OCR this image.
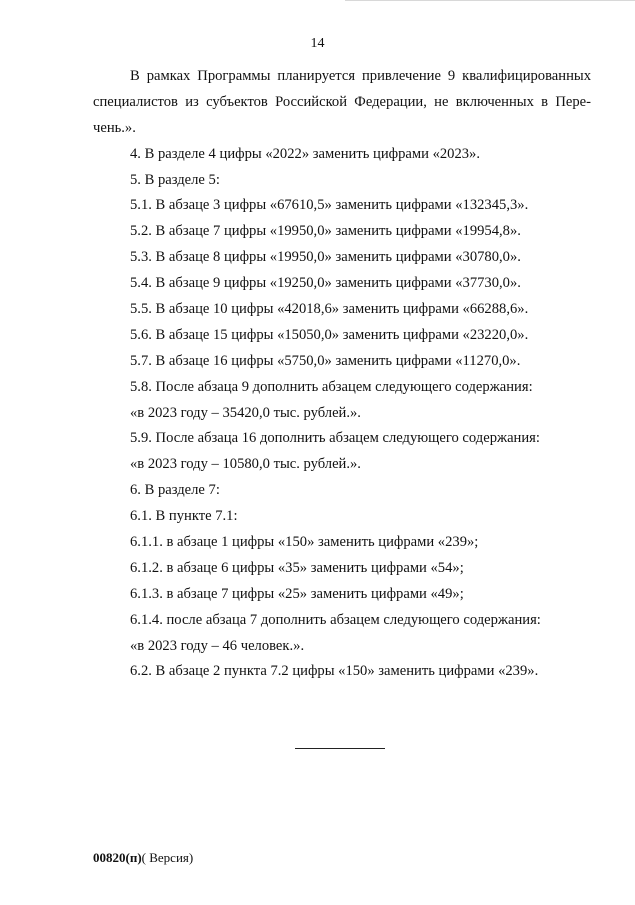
14
В рамках Программы планируется привлечение 9 квалифицированных
специалистов из субъектов Российской Федерации, не включенных в Пере-
чень.».
4. В разделе 4 цифры «2022» заменить цифрами «2023».
5. В разделе 5:
5.1. В абзаце 3 цифры «67610,5» заменить цифрами «132345,3».
5.2. В абзаце 7 цифры «19950,0» заменить цифрами «19954,8».
5.3. В абзаце 8 цифры «19950,0» заменить цифрами «30780,0».
5.4. В абзаце 9 цифры «19250,0» заменить цифрами «37730,0».
5.5. В абзаце 10 цифры «42018,6» заменить цифрами «66288,6».
5.6. В абзаце 15 цифры «15050,0» заменить цифрами «23220,0».
5.7. В абзаце 16 цифры «5750,0» заменить цифрами «11270,0».
5.8. После абзаца 9 дополнить абзацем следующего содержания:
«в 2023 году – 35420,0 тыс. рублей.».
5.9. После абзаца 16 дополнить абзацем следующего содержания:
«в 2023 году – 10580,0 тыс. рублей.».
6. В разделе 7:
6.1. В пункте 7.1:
6.1.1. в абзаце 1 цифры «150» заменить цифрами «239»;
6.1.2. в абзаце 6 цифры «35» заменить цифрами «54»;
6.1.3. в абзаце 7 цифры «25» заменить цифрами «49»;
6.1.4. после абзаца 7 дополнить абзацем следующего содержания:
«в 2023 году – 46 человек.».
6.2. В абзаце 2 пункта 7.2 цифры «150» заменить цифрами «239».
00820(п)( Версия)
